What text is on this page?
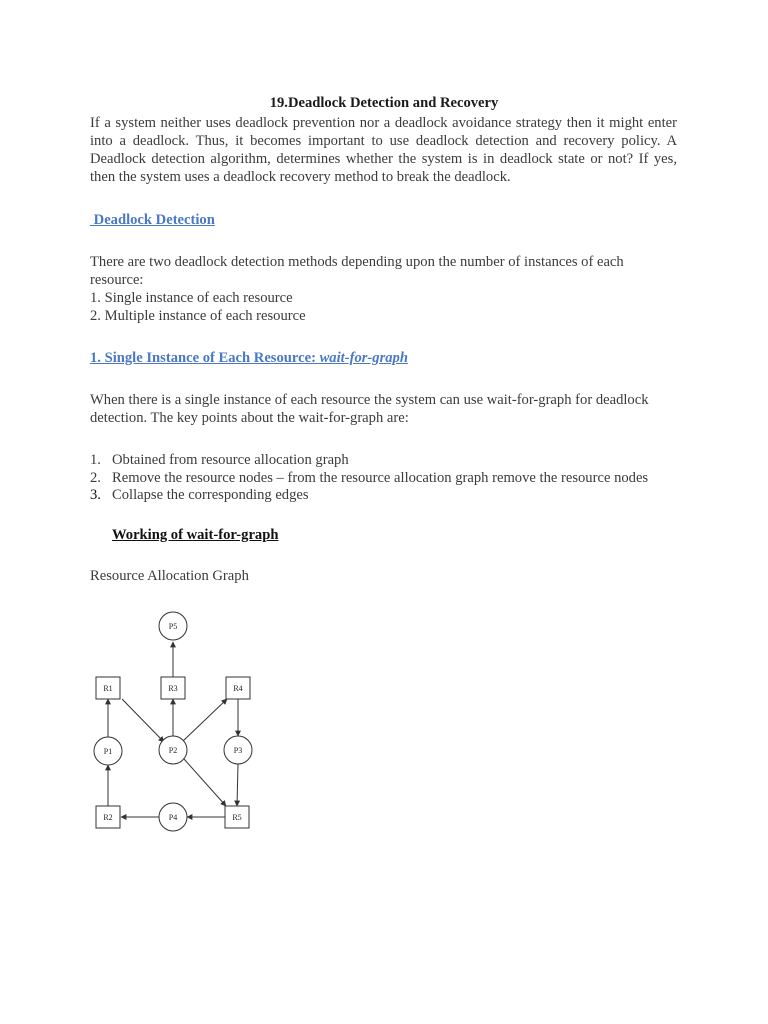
19.Deadlock Detection and Recovery

If a system neither uses deadlock prevention nor a deadlock avoidance strategy then it might enter into a deadlock. Thus, it becomes important to use deadlock detection and recovery policy. A Deadlock detection algorithm, determines whether the system is in deadlock state or not? If yes, then the system uses a deadlock recovery method to break the deadlock.

Deadlock Detection

There are two deadlock detection methods depending upon the number of instances of each resource:
1. Single instance of each resource
2. Multiple instance of each resource

1. Single Instance of Each Resource: wait-for-graph

When there is a single instance of each resource the system can use wait-for-graph for deadlock detection. The key points about the wait-for-graph are:

1. Obtained from resource allocation graph
2. Remove the resource nodes – from the resource allocation graph remove the resource nodes
3. Collapse the corresponding edges

Working of wait-for-graph

Resource Allocation Graph

P5
P1	P2	P3
P4
R1	R3	R4
R2	R5
